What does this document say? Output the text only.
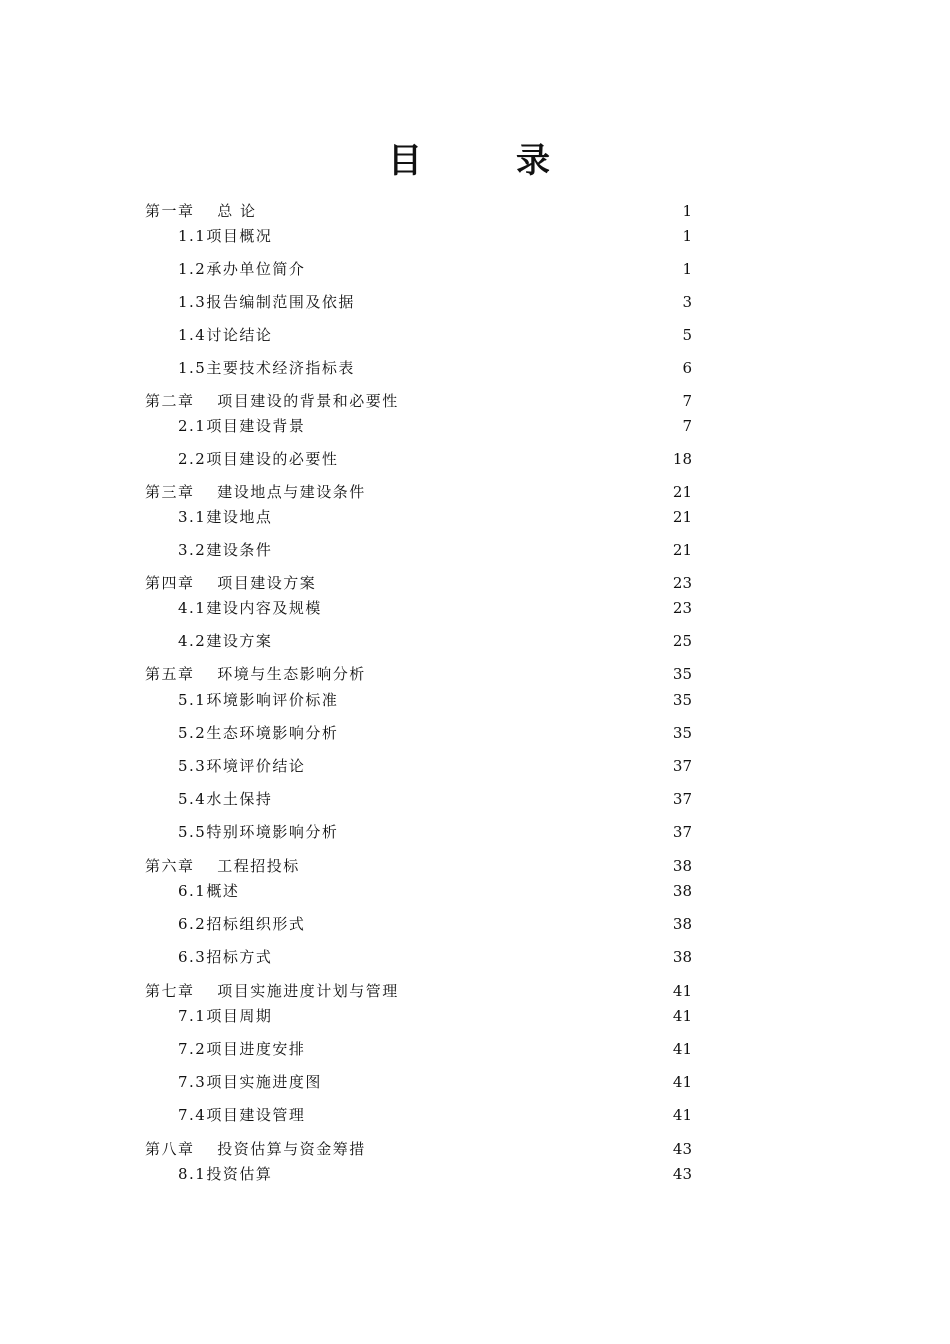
目　录
第一章　 总 论	1
1.1项目概况	1
1.2承办单位简介	1
1.3报告编制范围及依据	3
1.4讨论结论	5
1.5主要技术经济指标表	6
第二章　 项目建设的背景和必要性	7
2.1项目建设背景	7
2.2项目建设的必要性	18
第三章　 建设地点与建设条件	21
3.1建设地点	21
3.2建设条件	21
第四章　 项目建设方案	23
4.1建设内容及规模	23
4.2建设方案	25
第五章　 环境与生态影响分析	35
5.1环境影响评价标准	35
5.2生态环境影响分析	35
5.3环境评价结论	37
5.4水土保持	37
5.5特别环境影响分析	37
第六章　 工程招投标	38
6.1概述	38
6.2招标组织形式	38
6.3招标方式	38
第七章　 项目实施进度计划与管理	41
7.1项目周期	41
7.2项目进度安排	41
7.3项目实施进度图	41
7.4项目建设管理	41
第八章　 投资估算与资金筹措	43
8.1投资估算	43
